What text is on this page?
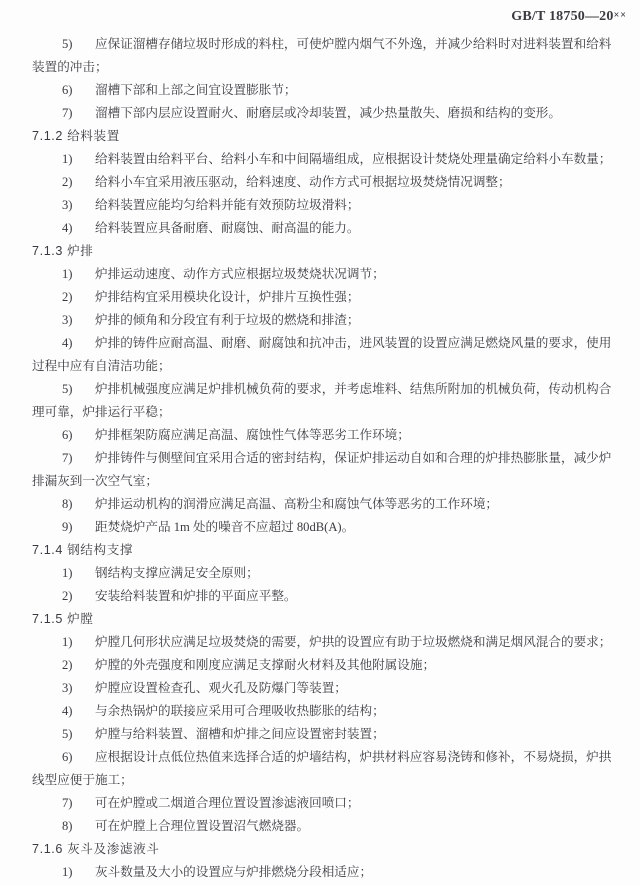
GB/T 18750—20××
5) 应保证溜槽存储垃圾时形成的料柱，可使炉膛内烟气不外逸，并减少给料时对进料装置和给料
装置的冲击；
6) 溜槽下部和上部之间宜设置膨胀节；
7) 溜槽下部内层应设置耐火、耐磨层或冷却装置，减少热量散失、磨损和结构的变形。
7.1.2 给料装置
1) 给料装置由给料平台、给料小车和中间隔墙组成，应根据设计焚烧处理量确定给料小车数量；
2) 给料小车宜采用液压驱动，给料速度、动作方式可根据垃圾焚烧情况调整；
3) 给料装置应能均匀给料并能有效预防垃圾滑料；
4) 给料装置应具备耐磨、耐腐蚀、耐高温的能力。
7.1.3 炉排
1) 炉排运动速度、动作方式应根据垃圾焚烧状况调节；
2) 炉排结构宜采用模块化设计，炉排片互换性强；
3) 炉排的倾角和分段宜有利于垃圾的燃烧和排渣；
4) 炉排的铸件应耐高温、耐磨、耐腐蚀和抗冲击，进风装置的设置应满足燃烧风量的要求，使用
过程中应有自清洁功能；
5) 炉排机械强度应满足炉排机械负荷的要求，并考虑堆料、结焦所附加的机械负荷，传动机构合
理可靠，炉排运行平稳；
6) 炉排框架防腐应满足高温、腐蚀性气体等恶劣工作环境；
7) 炉排铸件与侧壁间宜采用合适的密封结构，保证炉排运动自如和合理的炉排热膨胀量，减少炉
排漏灰到一次空气室；
8) 炉排运动机构的润滑应满足高温、高粉尘和腐蚀气体等恶劣的工作环境；
9) 距焚烧炉产品 1m 处的噪音不应超过 80dB(A)。
7.1.4 钢结构支撑
1) 钢结构支撑应满足安全原则；
2) 安装给料装置和炉排的平面应平整。
7.1.5 炉膛
1) 炉膛几何形状应满足垃圾焚烧的需要，炉拱的设置应有助于垃圾燃烧和满足烟风混合的要求；
2) 炉膛的外壳强度和刚度应满足支撑耐火材料及其他附属设施；
3) 炉膛应设置检查孔、观火孔及防爆门等装置；
4) 与余热锅炉的联接应采用可合理吸收热膨胀的结构；
5) 炉膛与给料装置、溜槽和炉排之间应设置密封装置；
6) 应根据设计点低位热值来选择合适的炉墙结构，炉拱材料应容易浇铸和修补，不易烧损，炉拱
线型应便于施工；
7) 可在炉膛或二烟道合理位置设置渗滤液回喷口；
8) 可在炉膛上合理位置设置沼气燃烧器。
7.1.6 灰斗及渗滤液斗
1) 灰斗数量及大小的设置应与炉排燃烧分段相适应；
